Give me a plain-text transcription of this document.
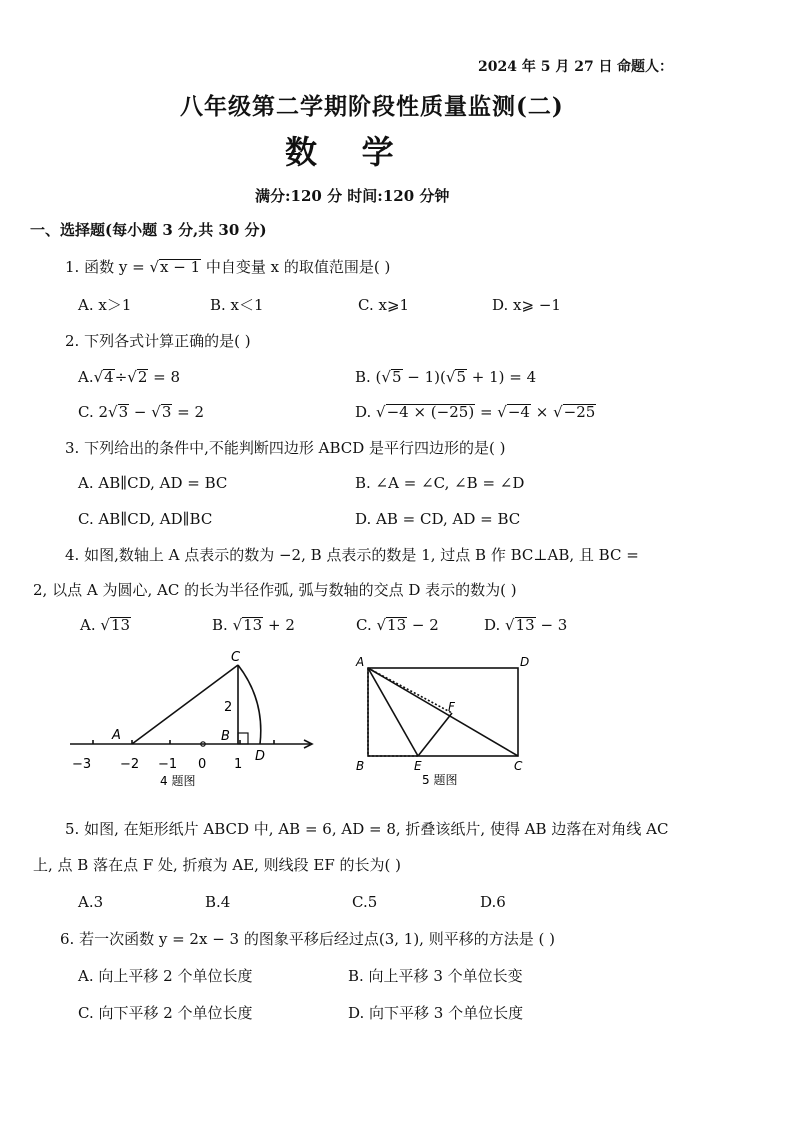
2024 年 5 月 27 日 命题人：
八年级第二学期阶段性质量监测(二)
数    学
满分:120 分 时间:120 分钟
一、选择题(每小题 3 分,共 30 分)
1. 函数 y = √x − 1 中自变量 x 的取值范围是( )
A. x＞1	B. x＜1	C. x⩾1	D. x⩾ −1
2. 下列各式计算正确的是( )
A.√4÷√2 = 8	B. (√5 − 1)(√5 + 1) = 4
C. 2√3 − √3 = 2	D. √−4 × (−25) = √−4 × √−25
3. 下列给出的条件中,不能判断四边形 ABCD 是平行四边形的是( )
A. AB∥CD, AD = BC	B. ∠A = ∠C, ∠B = ∠D
C. AB∥CD, AD∥BC	D. AB = CD, AD = BC
4. 如图,数轴上 A 点表示的数为 −2, B 点表示的数是 1, 过点 B 作 BC⊥AB, 且 BC =
2, 以点 A 为圆心, AC 的长为半径作弧, 弧与数轴的交点 D 表示的数为( )
A. √13	B. √13 + 2	C. √13 − 2	D. √13 − 3
−3 −2 −1 0 1
A	B
C
D
2
4 题图
A	D
B	C
E
F
5 题图
5. 如图, 在矩形纸片 ABCD 中, AB = 6, AD = 8, 折叠该纸片, 使得 AB 边落在对角线 AC
上, 点 B 落在点 F 处, 折痕为 AE, 则线段 EF 的长为( )
A.3	B.4	C.5	D.6
6. 若一次函数 y = 2x − 3 的图象平移后经过点(3, 1), 则平移的方法是 ( )
A. 向上平移 2 个单位长度	B. 向上平移 3 个单位长变
C. 向下平移 2 个单位长度	D. 向下平移 3 个单位长度
